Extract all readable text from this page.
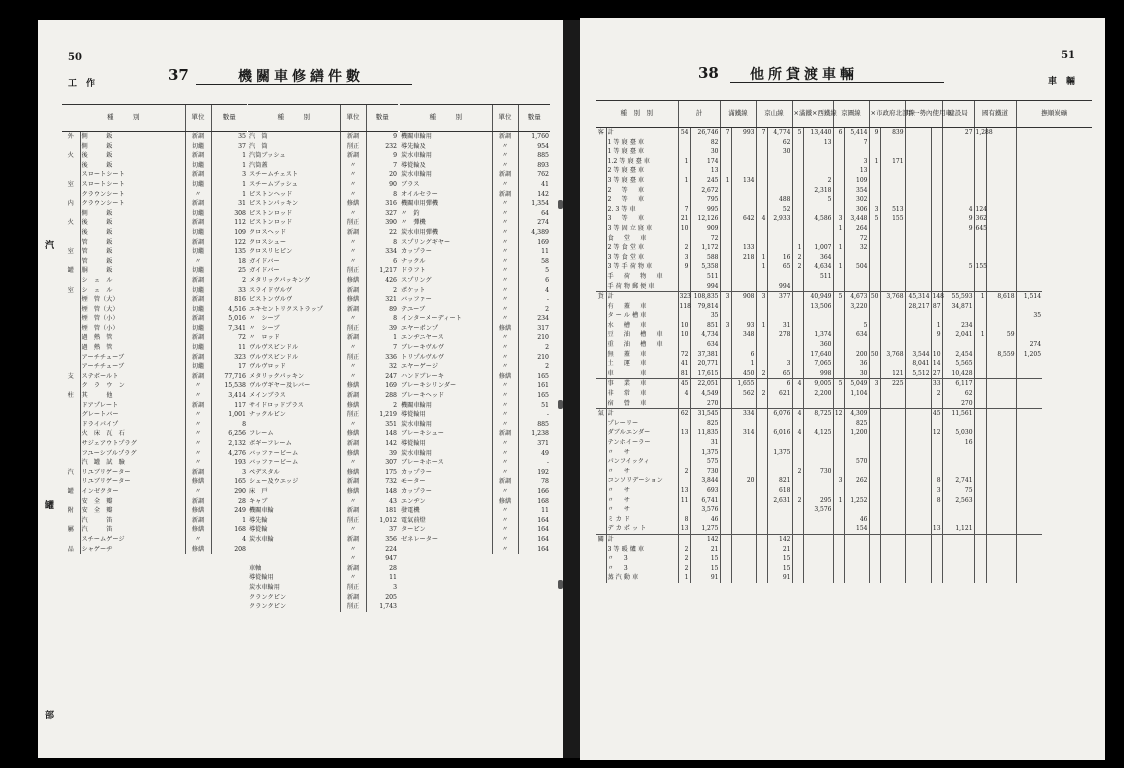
50
工　作	37	機關車修繕件數
種　　　別		單位	數量
外	側　　　鈑	新調	35
	側　　　鈑	切繼	37
火	後　　　鈑	新調	1
	後　　　鈑	切繼	1
	スロートシート	新調	3
室	スロートシート	切繼	1
	クラウンシート	〃	1
内	クラウンシート	新調	31
	側　　　鈑	切繼	308
火	後　　　鈑	新調	112
	後　　　鈑	切繼	109
	管　　　鈑	新調	122
室	管　　　鈑	切繼	135
	管　　　鈑	〃	18
罐	胴　　　鈑	切繼	25
	シ　ェ　ル	新調	2
室	シ　ェ　ル	切繼	33
	煙　管（大）	新調	816
	煙　管（大）	切繼	4,516
	煙　管（小）	新調	5,016
	煙　管（小）	切繼	7,341
	過　熱　管	新調	72
	過　熱　管	切繼	11
	アーチチューブ	新調	323
	アーチチューブ	切繼	17
支	ステボールト	新調	77,716
	ク　ラ　ウ　ン	〃	15,538
柱	其　　　他	〃	3,414
	ドアプレート	新調	117
	グレートバー	〃	1,001
	ドライパイプ	〃	8
	火　床　瓦　石	〃	6,256
	サジェアウトプラグ	〃	2,132
	フユーシブルプラグ	〃	4,276
	汽　罐　試　驗	〃	193
汽	リユブリゲーター	新調	3
	リユブリゲーター	修繕	165
罐	インゼクター	〃	290
	安　全　瓣	新調	28
附	安　全　瓣	修繕	249
	汽　　　笛	新調	1
屬	汽　　　笛	修繕	168
	スチームゲージ	〃	4
品	シャゲーヂ	修繕	208
種　　　別	單位	數量
汽　筒	新調	9
汽　筒	削正	232
汽筒ブッシュ	新調	9
汽筒蓋	〃	7
スチームチェスト	〃	20
スチームブッシュ	〃	90
ピストンヘッド	〃	8
ピストンパッキン	修繕	316
ピストンロッド	〃	327
ピストンロッド	削正	390
クロスヘッド	新調	22
クロスシュー	〃	8
クロスリヒピン	〃	334
ガイドバー	〃	6
ガイドバー	削正	1,217
メタリックパッキング	修繕	426
スライドヴルヴ	新調	2
ピストンヴルヴ	修繕	321
エキセントリクストラップ	新調	89
〃　シーブ	〃	8
〃　シーブ	削正	39
〃　ロッド	新調	1
ヴルヴスピンドル	〃	7
ヴルヴスピンドル	削正	336
ヴルヴロッド	〃	32
メタリックパッキン	〃	247
ヴルヴギヤー及レバー	修繕	169
メインブラス	新調	288
サイドロッドブラス	修繕	2
ナックルピン	削正	1,219
	〃	351
フレーム	修繕	148
ボギーフレーム	新調	142
バッファービーム	修繕	39
バッファービーム	〃	307
ペデスタル	修繕	175
シュー及ウエッジ	新調	732
床　戸	修繕	148
キャブ	〃	43
機關車輪	新調	181
導先輪	削正	1,012
導從輪	〃	37
炭水車輪	新調	356
	〃	224
	〃	947
車軸	新調	28
導從輪用	〃	11
炭水車輪用	削正	3
クランクピン	新調	205
クランクピン	削正	1,743
種　　　別	單位	數量
機關車輪用	新調	1,760
導先輪及	〃	954
炭水車輪用	〃	885
導從輪及	〃	893
炭水車輪用	新調	762
ブラス	〃	41
オイルセラー	新調	142
機關車用彈機	〃	1,354
〃　釣	〃	64
〃　彈機	〃	274
炭水車用彈機	〃	4,389
スプリングギヤー	〃	169
カップラー	〃	11
ナックル	〃	58
ドラフト	〃	5
スプリング	〃	6
ポケット	〃	4
バッファー	〃	-
テユーブ	〃	2
インターメーディート	〃	234
エヤーポンプ	修繕	317
エンヂニヤース	〃	210
ブレーキヴルヴ	〃	2
トリプルヴルヴ	〃	210
エヤーゲージ	〃	2
ハンドブレーキ	修繕	165
ブレーキシリンダー	〃	161
ブレーキヘッド	〃	165
機關車輪用	〃	51
導從輪用	〃	-
炭水車輪用	〃	885
ブレーキシュー	新調	1,238
導從輪用	〃	371
炭水車輪用	〃	49
ブレーキホース	〃	-
カップラー	〃	192
モーター	新調	78
カップラー	〃	166
エンヂン	修繕	168
發電機	〃	11
電氣前燈	〃	164
ターピン	〃	164
ゼネレーター	〃	164
	〃	164
汽
罐
部
51
車　輛
38 他所貸渡車輛
種　別　別		計		滿鐵線		京山線		×滿鐵×西鐵線		京圖線		×市政府北部線		甲一勢內使用車		建設局	國有鐵道		撫順炭礦
客	計	54	26,746	7	993	7	4,774	5	13,440	6	5,414	9	839			27	1,288		
	1 等 寢 臺 車		82				62		13		7								
	1 等 寢 臺 車		30				30												
	1.2 等 寢 臺 車	1	174								3	1	171						
	2 等 寢 臺 車		13								13								
	3 等 寢 臺 車	1	245	1	134				2		109								
	2 　 等 　 車		2,672						2,318		354								
	2 　 等 　 車		795				488		5		302								
	2. 3 等 車	7	995				52				306	3	513			4	124		
	3 　 等 　 車	21	12,126		642	4	2,933		4,586	3	3,448	5	155			9	362		
	3 等 固 立 寢 車	10	909							1	264					9	645		
	食 　 堂 　 車		72								72								
	2 等 食 堂 車	2	1,172		133			1	1,007	1	32								
	3 等 食 堂 車	3	588		218	1	16	2	364										
	3 等 手 荷 物 車	9	5,358			1	65	2	4,634	1	504					5	155		
	手 　 荷 　 物 　 車		511						511										
	手 荷 物 郵 便 車		994				994												
貨	計	323	108,835	3	908	3	377		40,949	5	4,673	50	3,768	45,314	148	55,593	1	8,618	1,514
	有 　 蓋 　 車	118	79,814						13,506		3,220			28,217	87	34,871			
	タ ー ル 槽 車		35																35
	水 　 槽 　 車	10	851	3	93	1	31				5				1	234			
	豆 　 油 　 槽 　 車	10	4,734		348		278		1,374		634				9	2,041	1	59	
	重 　 油 　 槽 　 車		634						360										274
	無 　 蓋 　 車	72	37,381		6				17,640		200	50	3,768	3,544	10	2,454		8,559	1,205
	土 　 運 　 車	41	20,771		1		3		7,065		36			8,041	14	5,565			
	車 　 　 　 車	81	17,615		450	2	65		998		30		121	5,512	27	10,428			
	事 　 業 　 車	45	22,051		1,655		6	4	9,005	5	5,049	3	225		33	6,117			
	非 　 常 　 車	4	4,549		562	2	621		2,200		1,104				2	62			
	宿 　 營 　 車		270													270			
氣	計	62	31,545		334		6,076	4	8,725	12	4,309				45	11,561			
	プレーリー		825								825								
	ダブルエンダー	13	11,835		314		6,016	4	4,125		1,200				12	5,030			
	テンホイーラー		31													16			
	〃 　 サ		1,375				1,375												
	パンフイックィ		575								570								
	〃 　 サ	2	730					2	730										
	コンソリデーション		3,844		20		821			3	262				8	2,741			
	〃 　 サ	13	693				618								3	75			
	〃 　 サ	11	6,741				2,631	2	295	1	1,252				8	2,563			
	〃 　 サ		3,576						3,576										
	ミ カ ド	8	46								46								
	デ カ ポ ッ ト	13	1,275								154				13	1,121			
關	計		142				142												
	3 等 暖 爐 車	2	21				21												
	〃 　 3	2	15				15												
	〃 　 3	2	15				15												
	蒸 汽 動 車	1	91				91												
